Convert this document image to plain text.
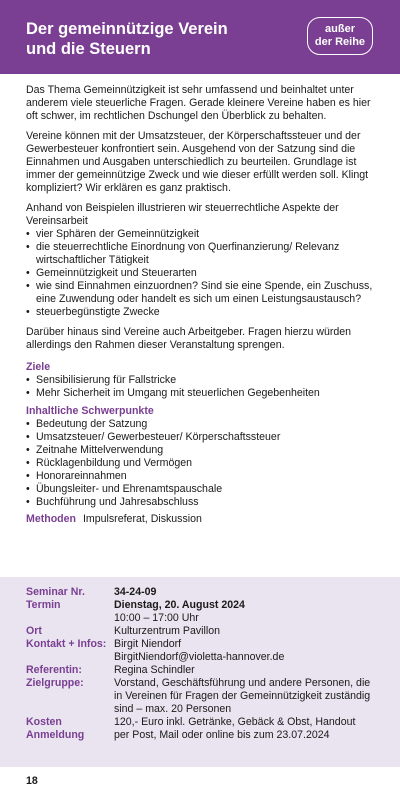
Der gemeinnützige Verein
und die Steuern
außer
der Reihe

Das Thema Gemeinnützigkeit ist sehr umfassend und beinhaltet unter anderem viele steuerliche Fragen. Gerade kleinere Vereine haben es hier oft schwer, im rechtlichen Dschungel den Überblick zu behalten.

Vereine können mit der Umsatzsteuer, der Körperschaftssteuer und der Gewerbesteuer konfrontiert sein. Ausgehend von der Satzung sind die Einnahmen und Ausgaben unterschiedlich zu beurteilen. Grundlage ist immer der gemeinnützige Zweck und wie dieser erfüllt werden soll. Klingt kompliziert? Wir erklären es ganz praktisch.

Anhand von Beispielen illustrieren wir steuerrechtliche Aspekte der Vereinsarbeit

• vier Sphären der Gemeinnützigkeit
• die steuerrechtliche Einordnung von Querfinanzierung/ Relevanz wirtschaftlicher Tätigkeit
• Gemeinnützigkeit und Steuerarten
• wie sind Einnahmen einzuordnen? Sind sie eine Spende, ein Zuschuss, eine Zuwendung oder handelt es sich um einen Leistungsaustausch?
• steuerbegünstigte Zwecke

Darüber hinaus sind Vereine auch Arbeitgeber. Fragen hierzu würden allerdings den Rahmen dieser Veranstaltung sprengen.

Ziele
• Sensibilisierung für Fallstricke
• Mehr Sicherheit im Umgang mit steuerlichen Gegebenheiten
Inhaltliche Schwerpunkte
• Bedeutung der Satzung
• Umsatzsteuer/ Gewerbesteuer/ Körperschaftssteuer
• Zeitnahe Mittelverwendung
• Rücklagenbildung und Vermögen
• Honorareinnahmen
• Übungsleiter- und Ehrenamtspauschale
• Buchführung und Jahresabschluss
Methoden Impulsreferat, Diskussion
Seminar Nr.	34-24-09
Termin	Dienstag, 20. August 2024
10:00 – 17:00 Uhr
Ort	Kulturzentrum Pavillon
Kontakt + Infos: Birgit Niendorf
BirgitNiendorf@violetta-hannover.de
Referentin:	Regina Schindler
Zielgruppe:	Vorstand, Geschäftsführung und andere Personen, die in Vereinen für Fragen der Gemeinnützigkeit zuständig sind – max. 20 Personen
Kosten	120,- Euro inkl. Getränke, Gebäck & Obst, Handout
Anmeldung	per Post, Mail oder online bis zum 23.07.2024
18
